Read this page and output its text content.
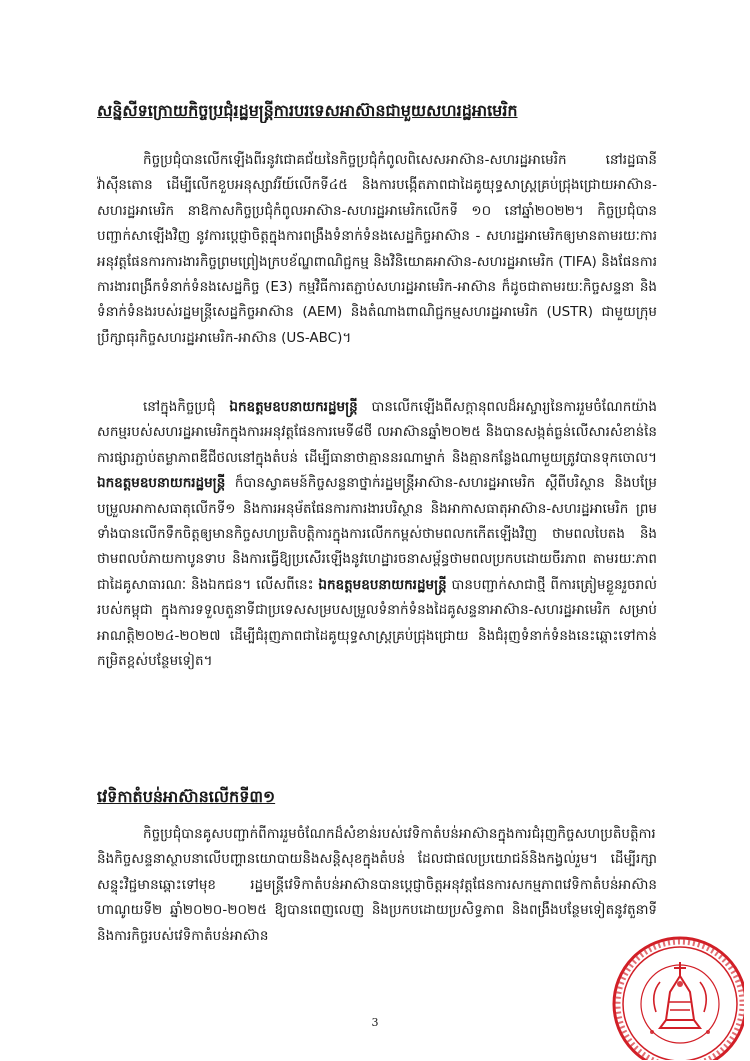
សន្និសីទក្រោយកិច្ចប្រជុំរដ្ឋមន្ត្រីការបរទេសអាស៊ានជាមួយសហរដ្ឋអាមេរិក

កិច្ចប្រជុំបានលើកឡើងពីរនូវជោគជ័យនៃកិច្ចប្រជុំកំពូលពិសេសអាស៊ាន-សហរដ្ឋអាមេរិក នៅរដ្ឋធានីវ៉ាស៊ីនតោន ដើម្បីលើកខួបអនុស្សាវរីយ៍លើកទី៤៥ និងការបង្កើតភាពជាដៃគូយុទ្ធសាស្ត្រគ្រប់ជ្រុងជ្រោយអាស៊ាន-សហរដ្ឋអាមេរិក នាឱកាសកិច្ចប្រជុំកំពូលអាស៊ាន-សហរដ្ឋអាមេរិកលើកទី ១០ នៅឆ្នាំ២០២២។ កិច្ចប្រជុំបានបញ្ជាក់សាឡើងវិញ នូវការប្តេជ្ញាចិត្តក្នុងការពង្រឹងទំនាក់ទំនងសេដ្ឋកិច្ចអាស៊ាន - សហរដ្ឋអាមេរិកឲ្យមានតាមរយៈការអនុវត្តផែនការការងារកិច្ចព្រមព្រៀងក្របខ័ណ្ឌពាណិជ្ជកម្ម និងវិនិយោគអាស៊ាន-សហរដ្ឋអាមេរិក (TIFA) និងផែនការការងារពង្រីកទំនាក់ទំនងសេដ្ឋកិច្ច (E3) កម្មវិធីការតភ្ជាប់សហរដ្ឋអាមេរិក-អាស៊ាន ក៏ដូចជាតាមរយៈកិច្ចសន្ទនា និងទំនាក់ទំនងរបស់រដ្ឋមន្ត្រីសេដ្ឋកិច្ចអាស៊ាន (AEM) និងតំណាងពាណិជ្ជកម្មសហរដ្ឋអាមេរិក (USTR) ជាមួយក្រុមប្រឹក្សាធុរកិច្ចសហរដ្ឋអាមេរិក-អាស៊ាន (US-ABC)។

នៅក្នុងកិច្ចប្រជុំ ឯកឧត្តមឧបនាយករដ្ឋមន្ត្រី បានលើកឡើងពីសក្តានុពលដ៏អស្ចារ្យនៃការរួមចំណែកយ៉ាងសកម្មរបស់សហរដ្ឋអាមេរិកក្នុងការអនុវត្តផែនការមេទី៨ថី លអាស៊ានឆ្នាំ២០២៥ និងបានសង្កត់ធ្ងន់លើសារសំខាន់នៃការផ្សារភ្ជាប់តម្លាភាពឌីជីថលនៅក្នុងតំបន់ ដើម្បីធានាថាគ្មាននរណាម្នាក់ និងគ្មានកន្លែងណាមួយត្រូវបានទុកចោល។ ឯកឧត្តមឧបនាយករដ្ឋមន្ត្រី ក៏បានស្វាគមន៍កិច្ចសន្ទនាថ្នាក់រដ្ឋមន្ត្រីអាស៊ាន-សហរដ្ឋអាមេរិក ស្តីពីបរិស្ថាន និងបម្រែបម្រួលអាកាសធាតុលើកទី១ និងការអនុម័តផែនការការងារបរិស្ថាន និងអាកាសធាតុអាស៊ាន-សហរដ្ឋអាមេរិក ព្រមទាំងបានលើកទឹកចិត្តឲ្យមានកិច្ចសហប្រតិបត្តិការក្នុងការលើកកម្ពស់ថាមពលកកើតឡើងវិញ ថាមពលបៃតង និងថាមពលបំភាយកាបូនទាប និងការធ្វើឱ្យប្រសើរឡើងនូវហេដ្ឋារចនាសម្ព័ន្ធថាមពលប្រកបដោយចីរភាព តាមរយៈភាពជាដៃគូសាធារណៈ និងឯកជន។ លើសពីនេះ ឯកឧត្តមឧបនាយករដ្ឋមន្ត្រី បានបញ្ជាក់សាជាថ្មី ពីការត្រៀមខ្លួនរួចរាល់របស់កម្ពុជា ក្នុងការទទួលតួនាទីជាប្រទេសសម្របសម្រួលទំនាក់ទំនងដៃគូសន្ទនាអាស៊ាន-សហរដ្ឋអាមេរិក សម្រាប់អាណត្តិ២០២៤-២០២៧ ដើម្បីជំរុញភាពជាដៃគូយុទ្ធសាស្ត្រគ្រប់ជ្រុងជ្រោយ និងជំរុញទំនាក់ទំនងនេះឆ្ពោះទៅកាន់កម្រិតខ្ពស់បន្ថែមទៀត។

វេទិកាតំបន់អាស៊ានលើកទី៣១

កិច្ចប្រជុំបានគូសបញ្ជាក់ពីការរួមចំណែកដ៏សំខាន់របស់វេទិកាតំបន់អាស៊ានក្នុងការជំរុញកិច្ចសហប្រតិបត្តិការនិងកិច្ចសន្ទនាស្ថាបនាលើបញ្ហានយោបាយនិងសន្តិសុខក្នុងតំបន់ ដែលជាផលប្រយោជន៍និងកង្វល់រួម។ ដើម្បីរក្សាសន្ទុះវិជ្ជមានឆ្ពោះទៅមុខ រដ្ឋមន្ត្រីវេទិកាតំបន់អាស៊ានបានប្តេជ្ញាចិត្តអនុវត្តផែនការសកម្មភាពវេទិកាតំបន់អាស៊ានហាណូយទី២ ឆ្នាំ២០២០-២០២៥ ឱ្យបានពេញលេញ និងប្រកបដោយប្រសិទ្ធភាព និងពង្រឹងបន្ថែមទៀតនូវតួនាទីនិងការកិច្ចរបស់វេទិកាតំបន់អាស៊ាន

3
